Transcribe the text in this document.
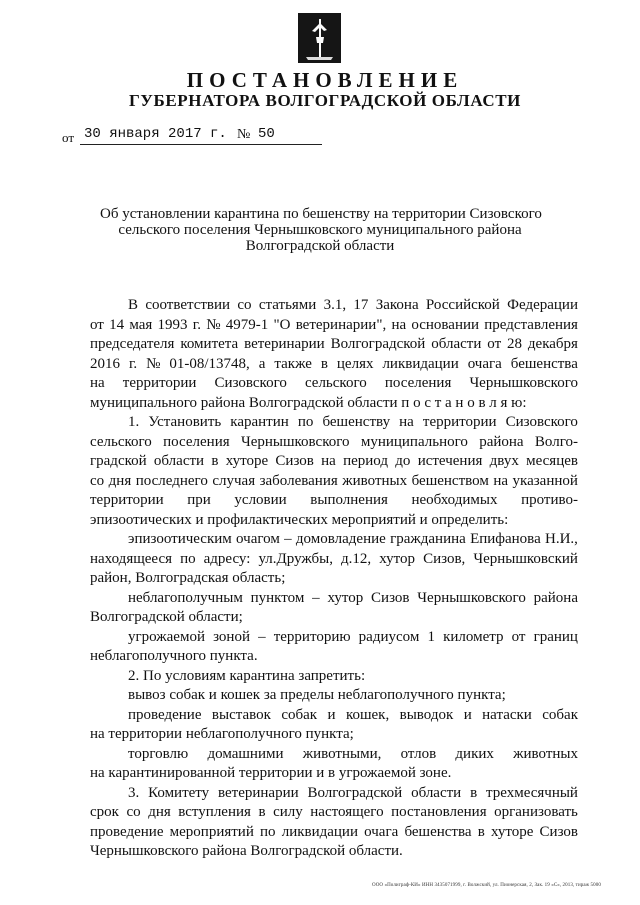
ПОСТАНОВЛЕНИЕ
ГУБЕРНАТОРА ВОЛГОГРАДСКОЙ ОБЛАСТИ
от 30 января 2017 г. № 50
Об установлении карантина по бешенству на территории Сизовского
сельского поселения Чернышковского муниципального района
Волгоградской области
В соответствии со статьями 3.1, 17 Закона Российской Федерации
от 14 мая 1993 г. № 4979-1 "О ветеринарии", на основании представления
председателя комитета ветеринарии Волгоградской области от 28 декабря
2016 г. № 01-08/13748, а также в целях ликвидации очага бешенства
на территории Сизовского сельского поселения Чернышковского
муниципального района Волгоградской области п о с т а н о в л я ю:
1. Установить карантин по бешенству на территории Сизовского
сельского поселения Чернышковского муниципального района Волго-
градской области в хуторе Сизов на период до истечения двух месяцев
со дня последнего случая заболевания животных бешенством на указанной
территории при условии выполнения необходимых противо-
эпизоотических и профилактических мероприятий и определить:
эпизоотическим очагом – домовладение гражданина Епифанова Н.И.,
находящееся по адресу: ул.Дружбы, д.12, хутор Сизов, Чернышковский
район, Волгоградская область;
неблагополучным пунктом – хутор Сизов Чернышковского района
Волгоградской области;
угрожаемой зоной – территорию радиусом 1 километр от границ
неблагополучного пункта.
2. По условиям карантина запретить:
вывоз собак и кошек за пределы неблагополучного пункта;
проведение выставок собак и кошек, выводок и натаски собак
на территории неблагополучного пункта;
торговлю домашними животными, отлов диких животных
на карантинированной территории и в угрожаемой зоне.
3. Комитету ветеринарии Волгоградской области в трехмесячный
срок со дня вступления в силу настоящего постановления организовать
проведение мероприятий по ликвидации очага бешенства в хуторе Сизов
Чернышковского района Волгоградской области.
ООО «Полиграф-КИ» ИНН 3435071999, г. Волжский, ул. Пионерская, 2, Зак. 19 «С», 2013, тираж 5000
